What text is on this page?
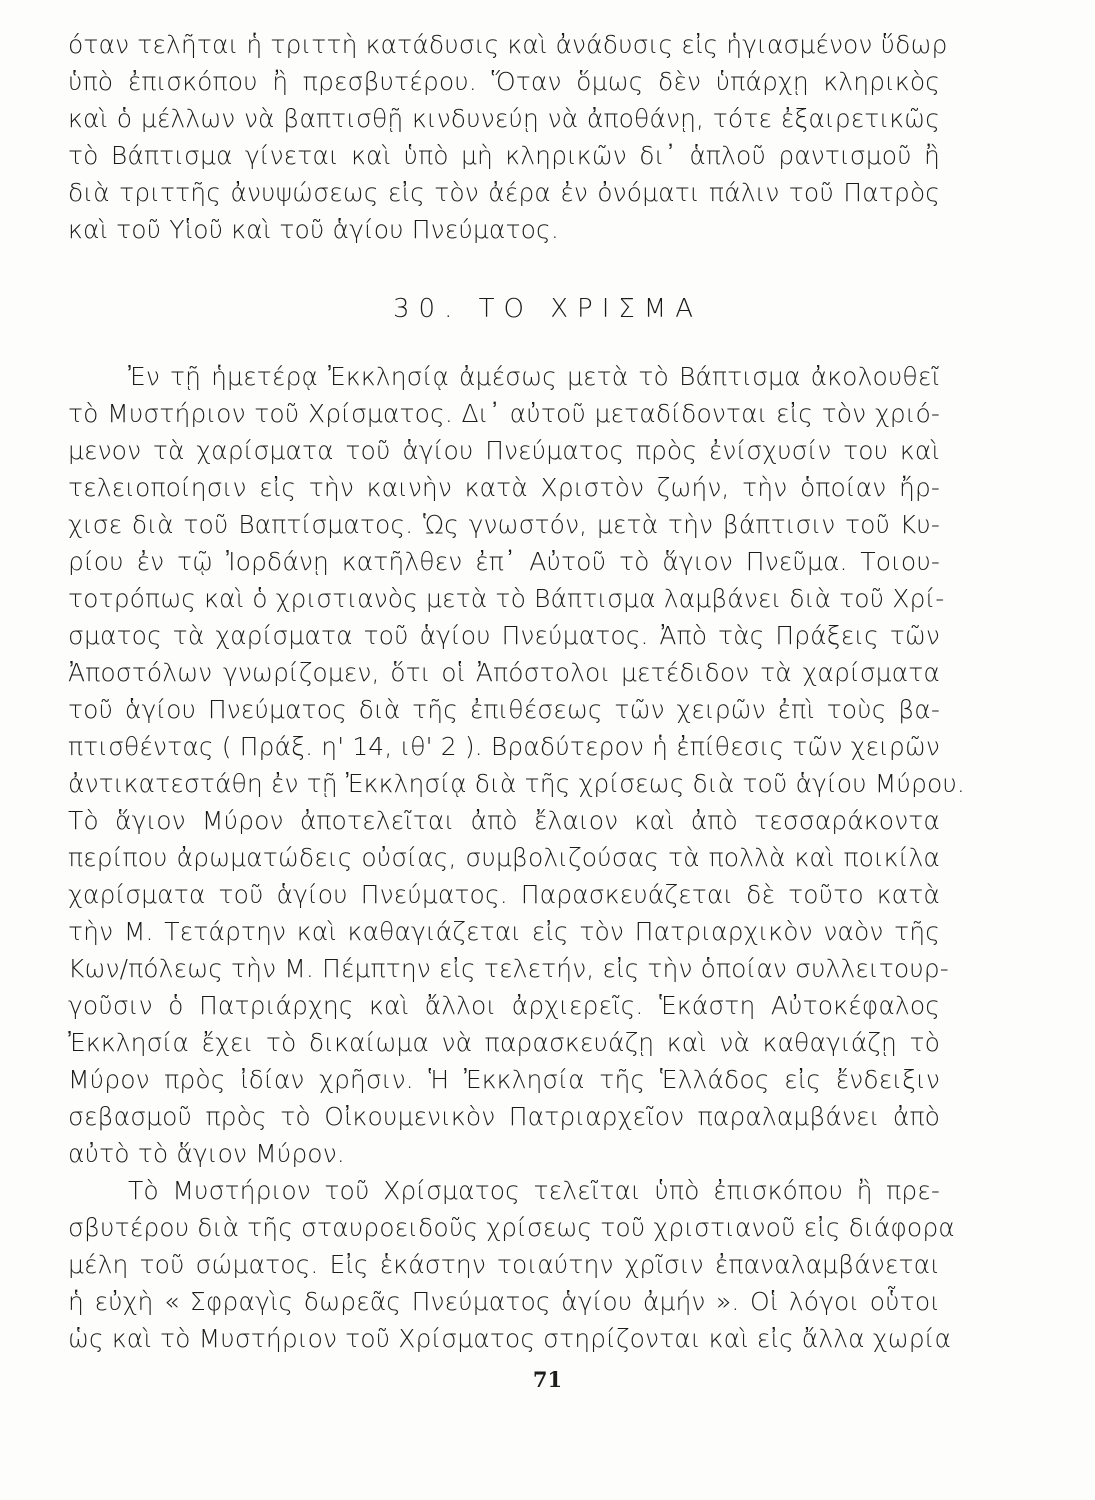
όταν τελῆται ἡ τριττὴ κατάδυσις καὶ ἀνάδυσις εἰς ἡγιασμένον ὕδωρ
ὑπὸ ἐπισκόπου ἢ πρεσβυτέρου. Ὅταν ὅμως δὲν ὑπάρχῃ κληρικὸς
καὶ ὁ μέλλων νὰ βαπτισθῇ κινδυνεύῃ νὰ ἀποθάνῃ, τότε ἐξαιρετικῶς
τὸ Βάπτισμα γίνεται καὶ ὑπὸ μὴ κληρικῶν δι᾿ ἁπλοῦ ραντισμοῦ ἢ
διὰ τριττῆς ἀνυψώσεως εἰς τὸν ἀέρα ἐν ὀνόματι πάλιν τοῦ Πατρὸς
καὶ τοῦ Υἱοῦ καὶ τοῦ ἁγίου Πνεύματος.
30. ΤΟ ΧΡΙΣΜΑ
Ἐν τῇ ἡμετέρᾳ Ἐκκλησίᾳ ἀμέσως μετὰ τὸ Βάπτισμα ἀκολουθεῖ
τὸ Μυστήριον τοῦ Χρίσματος. Δι᾿ αὐτοῦ μεταδίδονται εἰς τὸν χριό-
μενον τὰ χαρίσματα τοῦ ἁγίου Πνεύματος πρὸς ἐνίσχυσίν του καὶ
τελειοποίησιν εἰς τὴν καινὴν κατὰ Χριστὸν ζωήν, τὴν ὁποίαν ἤρ-
χισε διὰ τοῦ Βαπτίσματος. Ὡς γνωστόν, μετὰ τὴν βάπτισιν τοῦ Κυ-
ρίου ἐν τῷ Ἰορδάνῃ κατῆλθεν ἐπ᾿ Αὐτοῦ τὸ ἅγιον Πνεῦμα. Τοιου-
τοτρόπως καὶ ὁ χριστιανὸς μετὰ τὸ Βάπτισμα λαμβάνει διὰ τοῦ Χρί-
σματος τὰ χαρίσματα τοῦ ἁγίου Πνεύματος. Ἀπὸ τὰς Πράξεις τῶν
Ἀποστόλων γνωρίζομεν, ὅτι οἱ Ἀπόστολοι μετέδιδον τὰ χαρίσματα
τοῦ ἁγίου Πνεύματος διὰ τῆς ἐπιθέσεως τῶν χειρῶν ἐπὶ τοὺς βα-
πτισθέντας ( Πράξ. η' 14, ιθ' 2 ). Βραδύτερον ἡ ἐπίθεσις τῶν χειρῶν
ἀντικατεστάθη ἐν τῇ Ἐκκλησίᾳ διὰ τῆς χρίσεως διὰ τοῦ ἁγίου Μύρου.
Τὸ ἅγιον Μύρον ἀποτελεῖται ἀπὸ ἔλαιον καὶ ἀπὸ τεσσαράκοντα
περίπου ἀρωματώδεις οὐσίας, συμβολιζούσας τὰ πολλὰ καὶ ποικίλα
χαρίσματα τοῦ ἁγίου Πνεύματος. Παρασκευάζεται δὲ τοῦτο κατὰ
τὴν Μ. Τετάρτην καὶ καθαγιάζεται εἰς τὸν Πατριαρχικὸν ναὸν τῆς
Κων/πόλεως τὴν Μ. Πέμπτην εἰς τελετήν, εἰς τὴν ὁποίαν συλλειτουρ-
γοῦσιν ὁ Πατριάρχης καὶ ἄλλοι ἀρχιερεῖς. Ἑκάστη Αὐτοκέφαλος
Ἐκκλησία ἔχει τὸ δικαίωμα νὰ παρασκευάζῃ καὶ νὰ καθαγιάζῃ τὸ
Μύρον πρὸς ἰδίαν χρῆσιν. Ἡ Ἐκκλησία τῆς Ἑλλάδος εἰς ἔνδειξιν
σεβασμοῦ πρὸς τὸ Οἰκουμενικὸν Πατριαρχεῖον παραλαμβάνει ἀπὸ
αὐτὸ τὸ ἅγιον Μύρον.
Τὸ Μυστήριον τοῦ Χρίσματος τελεῖται ὑπὸ ἐπισκόπου ἢ πρε-
σβυτέρου διὰ τῆς σταυροειδοῦς χρίσεως τοῦ χριστιανοῦ εἰς διάφορα
μέλη τοῦ σώματος. Εἰς ἑκάστην τοιαύτην χρῖσιν ἐπαναλαμβάνεται
ἡ εὐχὴ « Σφραγὶς δωρεᾶς Πνεύματος ἁγίου ἀμήν ». Οἱ λόγοι οὗτοι
ὡς καὶ τὸ Μυστήριον τοῦ Χρίσματος στηρίζονται καὶ εἰς ἄλλα χωρία
71
